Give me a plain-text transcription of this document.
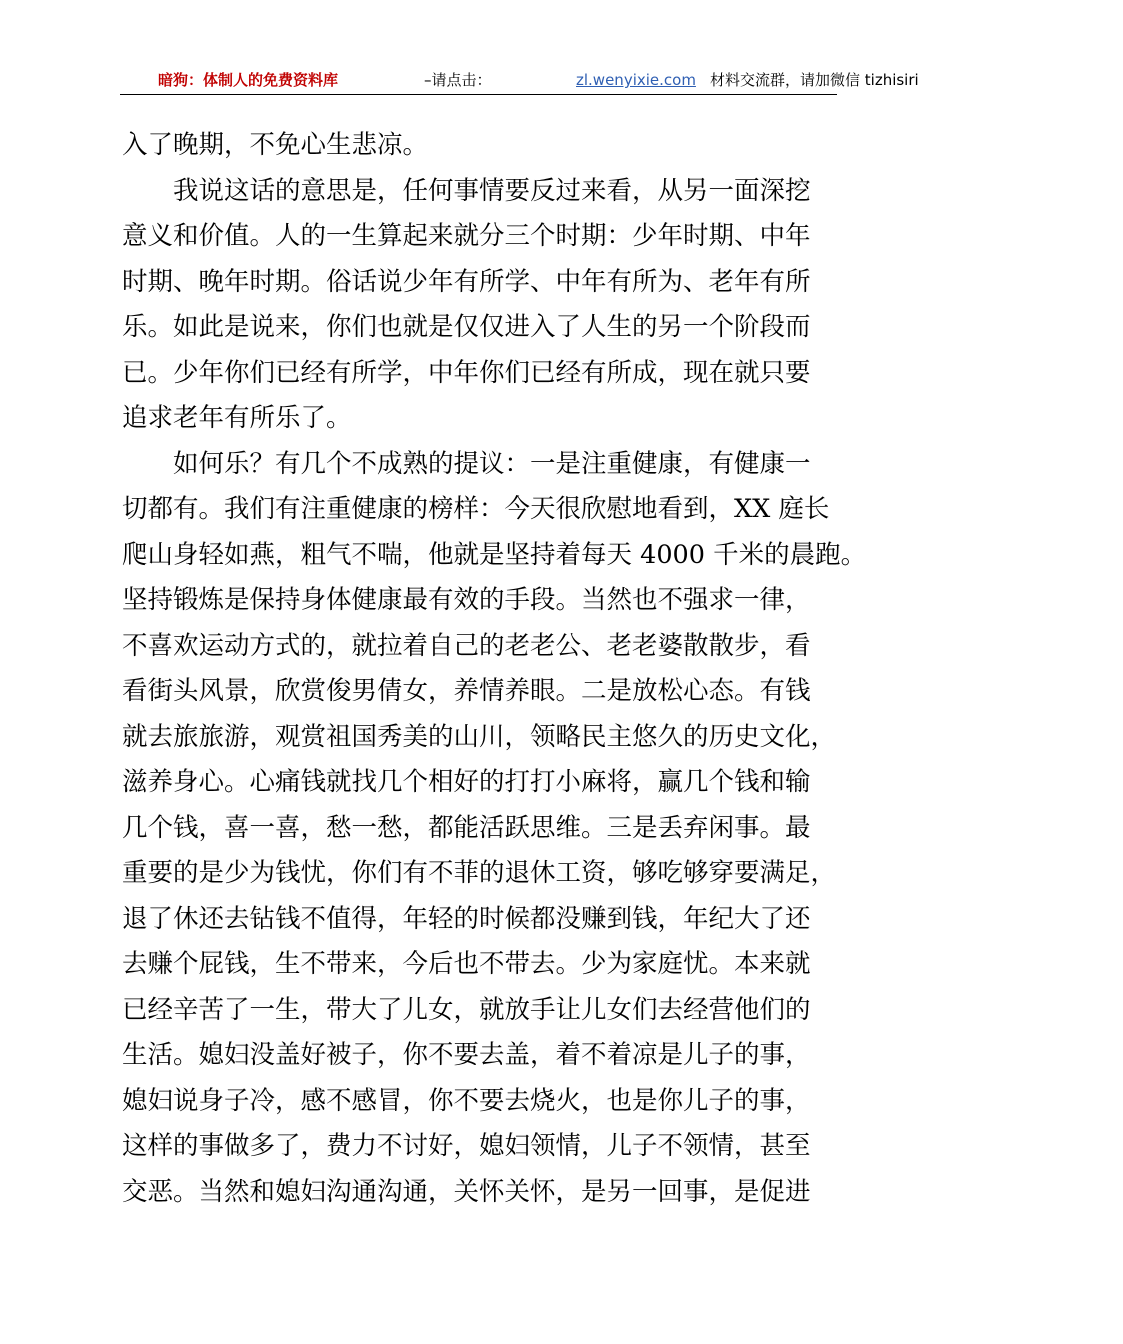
暗狗：体制人的免费资料库	–请点击：	zl.wenyixie.com 材料交流群，请加微信 tizhisiri
入了晚期，不免心生悲凉。
我说这话的意思是，任何事情要反过来看，从另一面深挖
意义和价值。人的一生算起来就分三个时期：少年时期、中年
时期、晚年时期。俗话说少年有所学、中年有所为、老年有所
乐。如此是说来，你们也就是仅仅进入了人生的另一个阶段而
已。少年你们已经有所学，中年你们已经有所成，现在就只要
追求老年有所乐了。
如何乐？有几个不成熟的提议：一是注重健康，有健康一
切都有。我们有注重健康的榜样：今天很欣慰地看到，XX 庭长
爬山身轻如燕，粗气不喘，他就是坚持着每天 4000 千米的晨跑。
坚持锻炼是保持身体健康最有效的手段。当然也不强求一律，
不喜欢运动方式的，就拉着自己的老老公、老老婆散散步，看
看街头风景，欣赏俊男倩女，养情养眼。二是放松心态。有钱
就去旅旅游，观赏祖国秀美的山川，领略民主悠久的历史文化，
滋养身心。心痛钱就找几个相好的打打小麻将，赢几个钱和输
几个钱，喜一喜，愁一愁，都能活跃思维。三是丢弃闲事。最
重要的是少为钱忧，你们有不菲的退休工资，够吃够穿要满足，
退了休还去钻钱不值得，年轻的时候都没赚到钱，年纪大了还
去赚个屁钱，生不带来，今后也不带去。少为家庭忧。本来就
已经辛苦了一生，带大了儿女，就放手让儿女们去经营他们的
生活。媳妇没盖好被子，你不要去盖，着不着凉是儿子的事，
媳妇说身子冷，感不感冒，你不要去烧火，也是你儿子的事，
这样的事做多了，费力不讨好，媳妇领情，儿子不领情，甚至
交恶。当然和媳妇沟通沟通，关怀关怀，是另一回事，是促进
